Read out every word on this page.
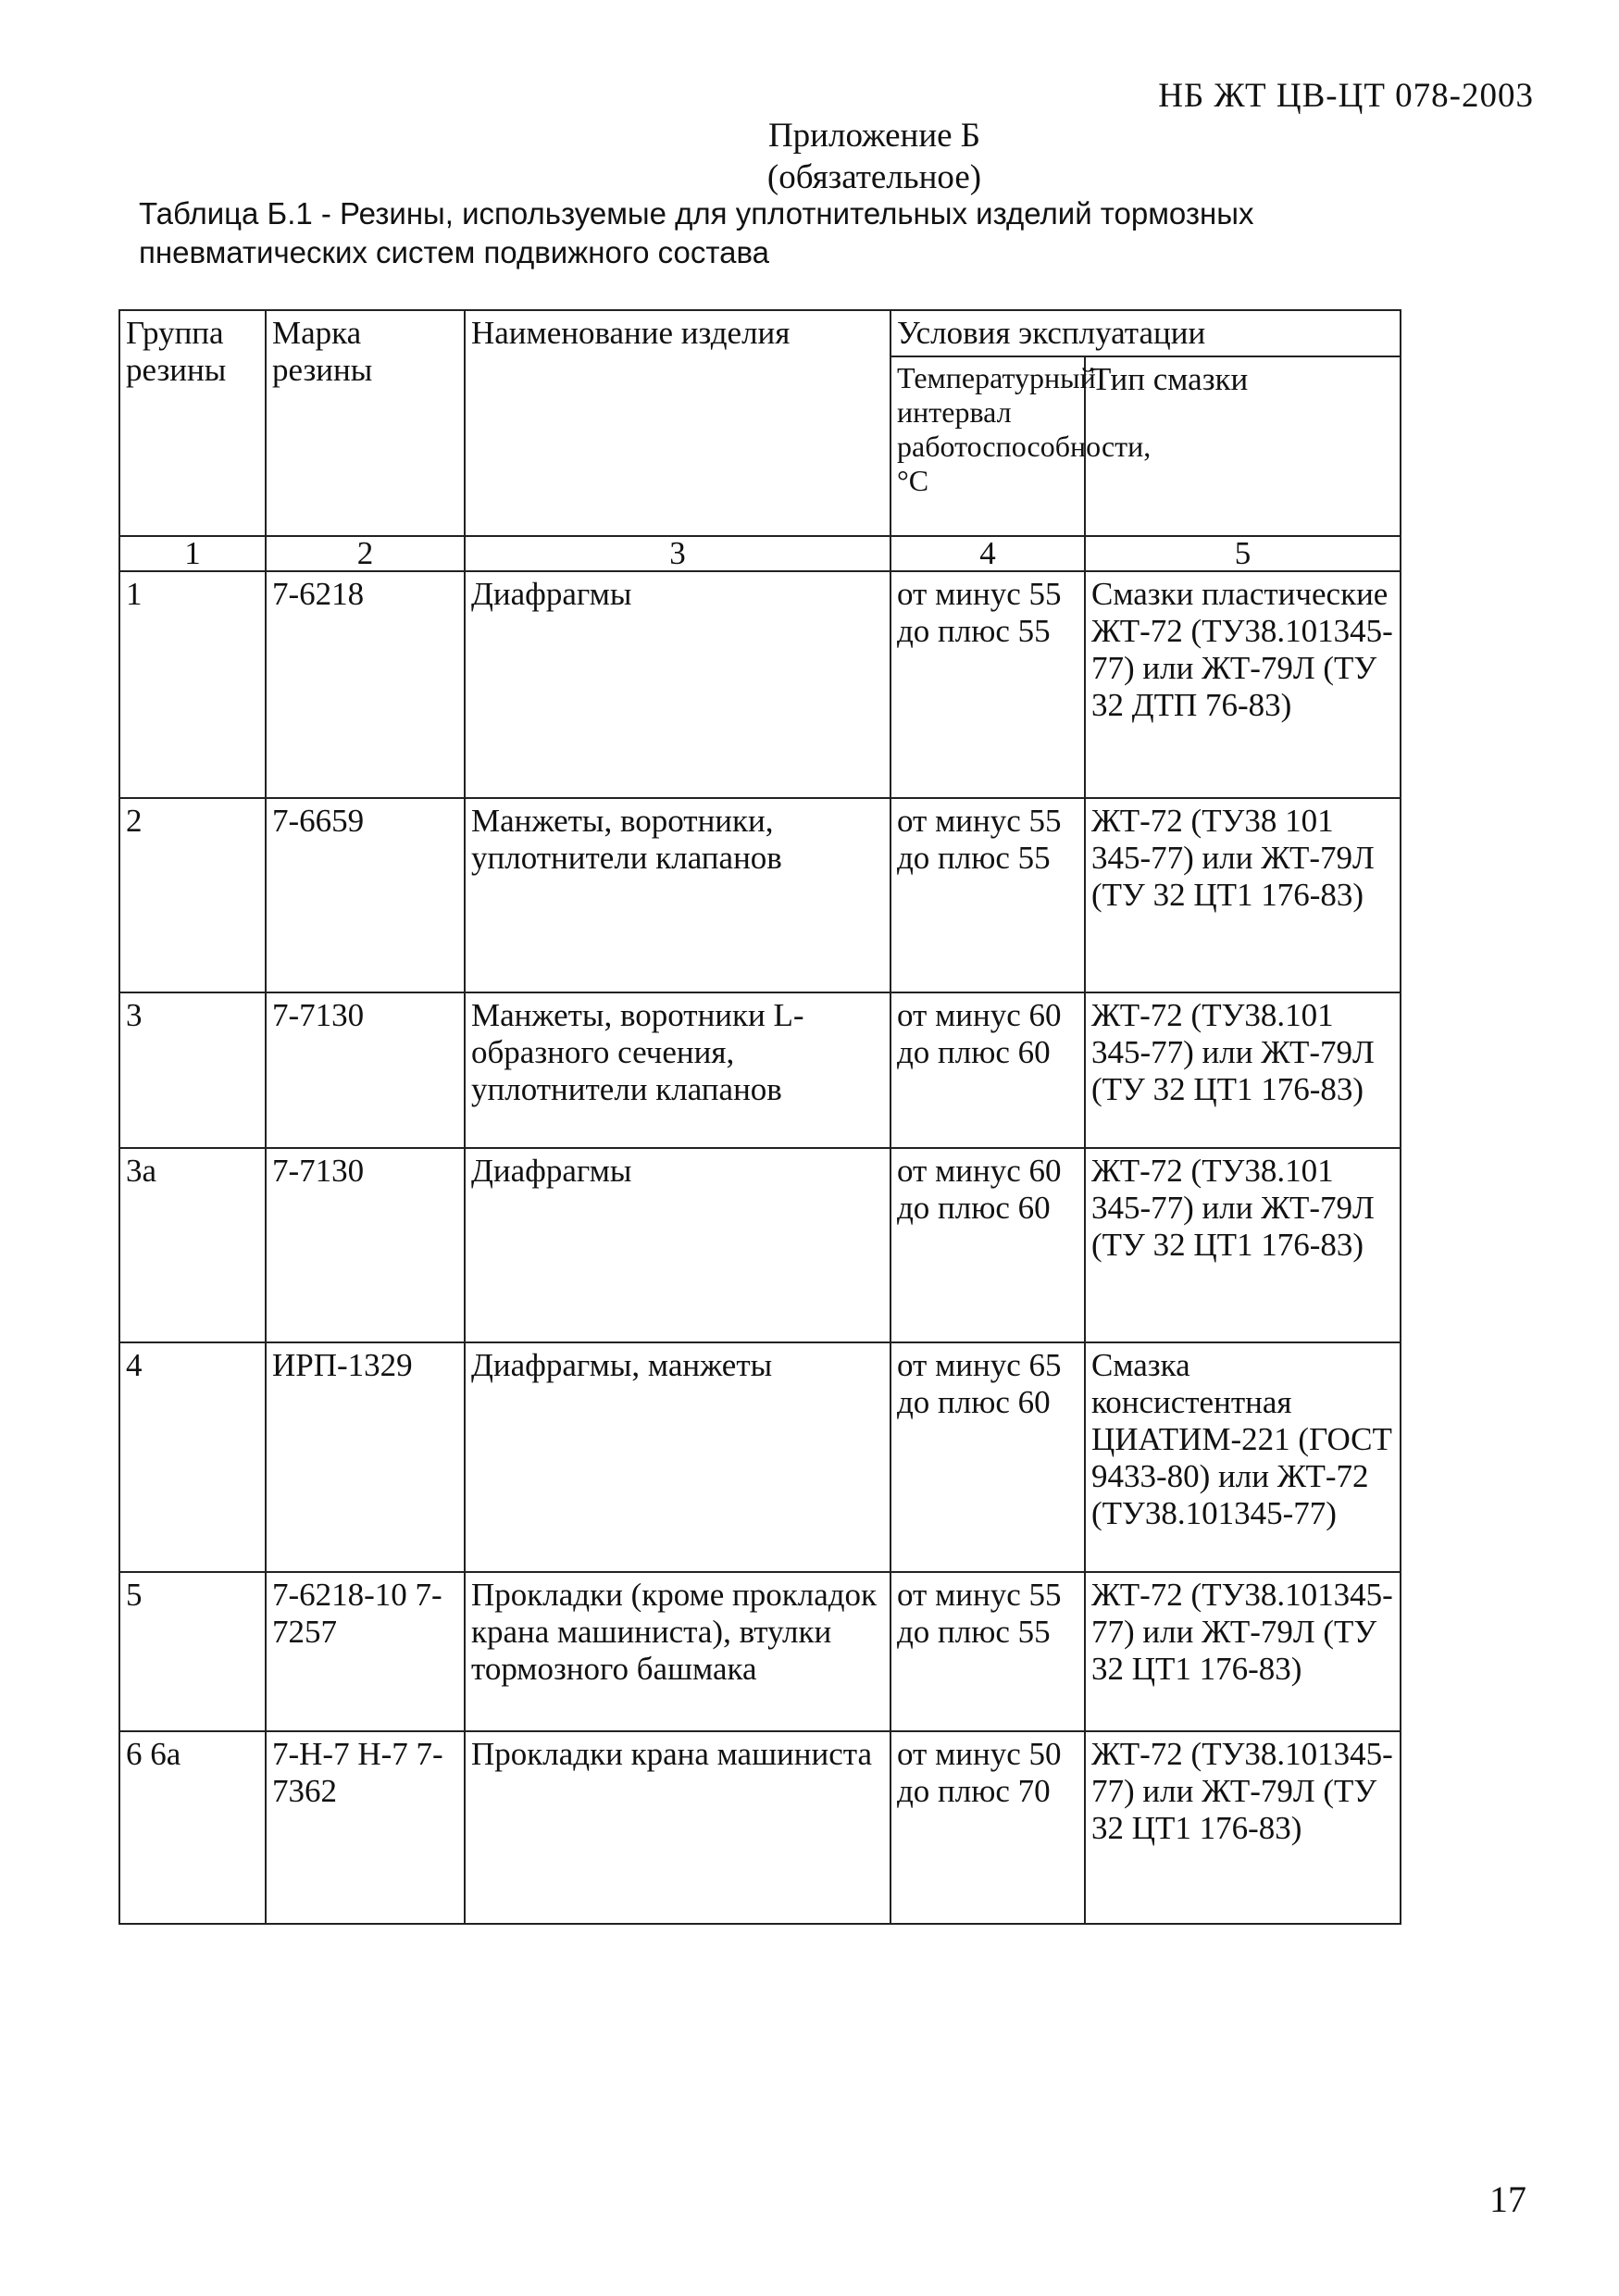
НБ ЖТ ЦВ-ЦТ 078-2003
Приложение Б
(обязательное)
Таблица Б.1 - Резины, используемые для уплотнительных изделий тормозных пневматических систем подвижного состава
Группа резины	Марка резины	Наименование изделия	Условия эксплуатации	
			Температурный интервал работоспособности, °С	Тип смазки
1	2	3	4	5
1	7-6218	Диафрагмы	от минус 55 до плюс 55	Смазки пластичeские ЖТ-72 (ТУ38.101345-77) или ЖТ-79Л (ТУ 32 ДТП 76-83)
2	7-6659	Манжеты, воротники, уплотнители клапанов	от минус 55 до плюс 55	ЖТ-72 (ТУ38 101 345-77) или ЖТ-79Л (ТУ 32 ЦТ1 176-83)
3	7-7130	Манжеты, воротники L-образного сечения, уплотнители клапанов	от минус 60 до плюс 60	ЖТ-72 (ТУ38.101 345-77) или ЖТ-79Л (ТУ 32 ЦТ1 176-83)
3а	7-7130	Диафрагмы	от минус 60 до плюс 60	ЖТ-72 (ТУ38.101 345-77) или ЖТ-79Л (ТУ 32 ЦТ1 176-83)
4	ИРП-1329	Диафрагмы, манжеты	от минус 65 до плюс 60	Смазка консистентная ЦИАТИМ-221 (ГОСТ 9433-80) или ЖТ-72 (ТУ38.101345-77)
5	7-6218-10 7-7257	Прокладки (кроме прокладок крана машиниста), втулки тормозного башмака	от минус 55 до плюс 55	ЖТ-72 (ТУ38.101345-77) или ЖТ-79Л (ТУ 32 ЦТ1 176-83)
6 6а	7-Н-7 Н-7 7-7362	Прокладки крана машиниста	от минус 50 до плюс 70	ЖТ-72 (ТУ38.101345-77) или ЖТ-79Л (ТУ 32 ЦТ1 176-83)
17
